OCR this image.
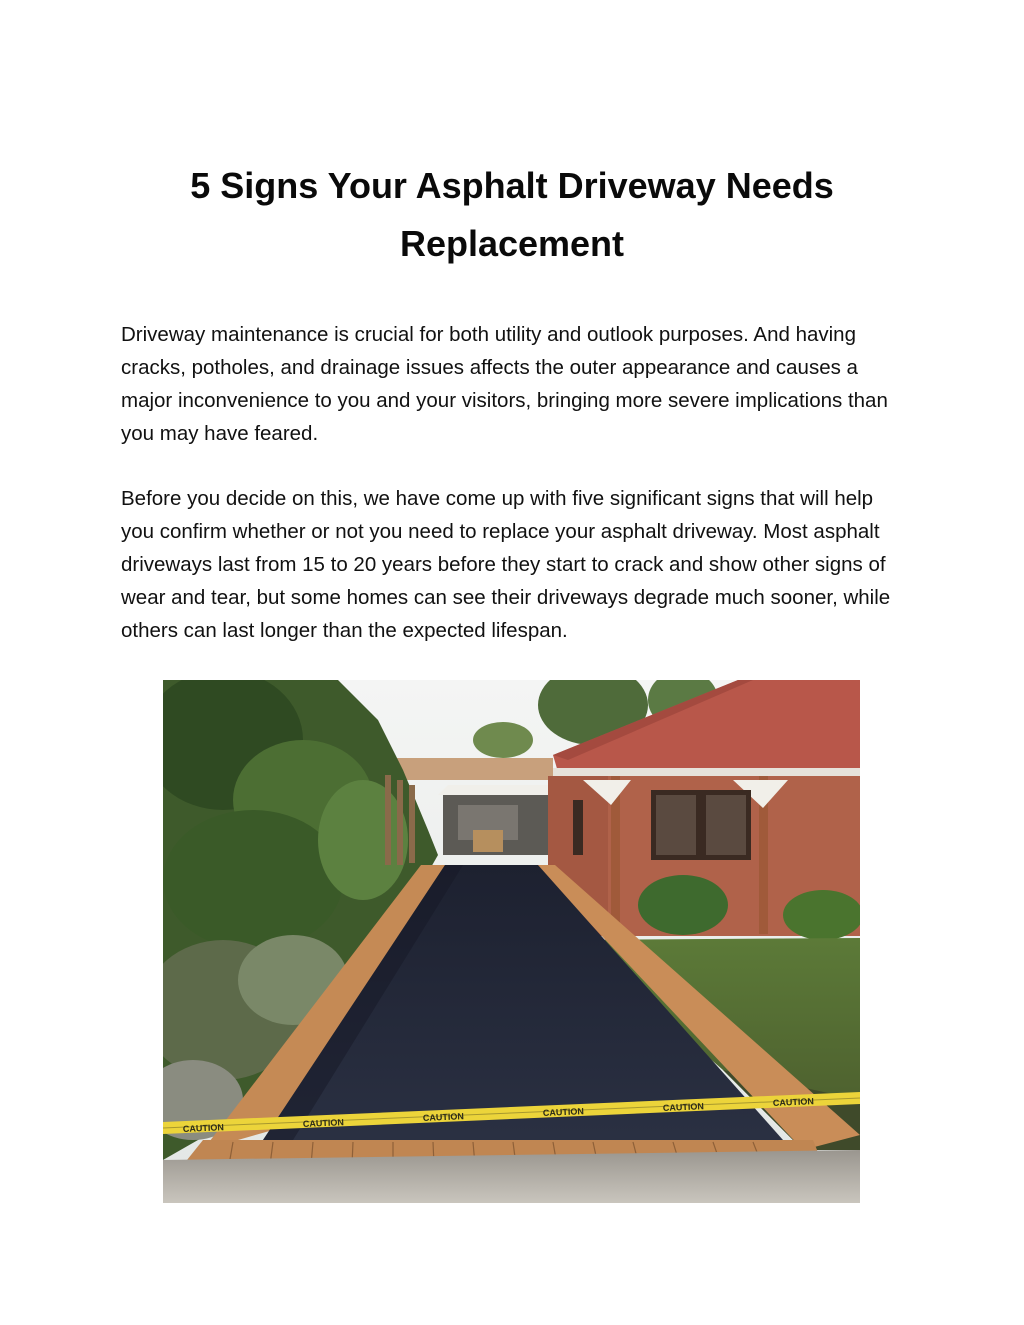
5 Signs Your Asphalt Driveway Needs Replacement

Driveway maintenance is crucial for both utility and outlook purposes. And having cracks, potholes, and drainage issues affects the outer appearance and causes a major inconvenience to you and your visitors, bringing more severe implications than you may have feared.

Before you decide on this, we have come up with five significant signs that will help you confirm whether or not you need to replace your asphalt driveway. Most asphalt driveways last from 15 to 20 years before they start to crack and show other signs of wear and tear, but some homes can see their driveways degrade much sooner, while others can last longer than the expected lifespan.

CAUTION	CAUTION
CAUTION	CAUTION	CAUTION	CAUTION
